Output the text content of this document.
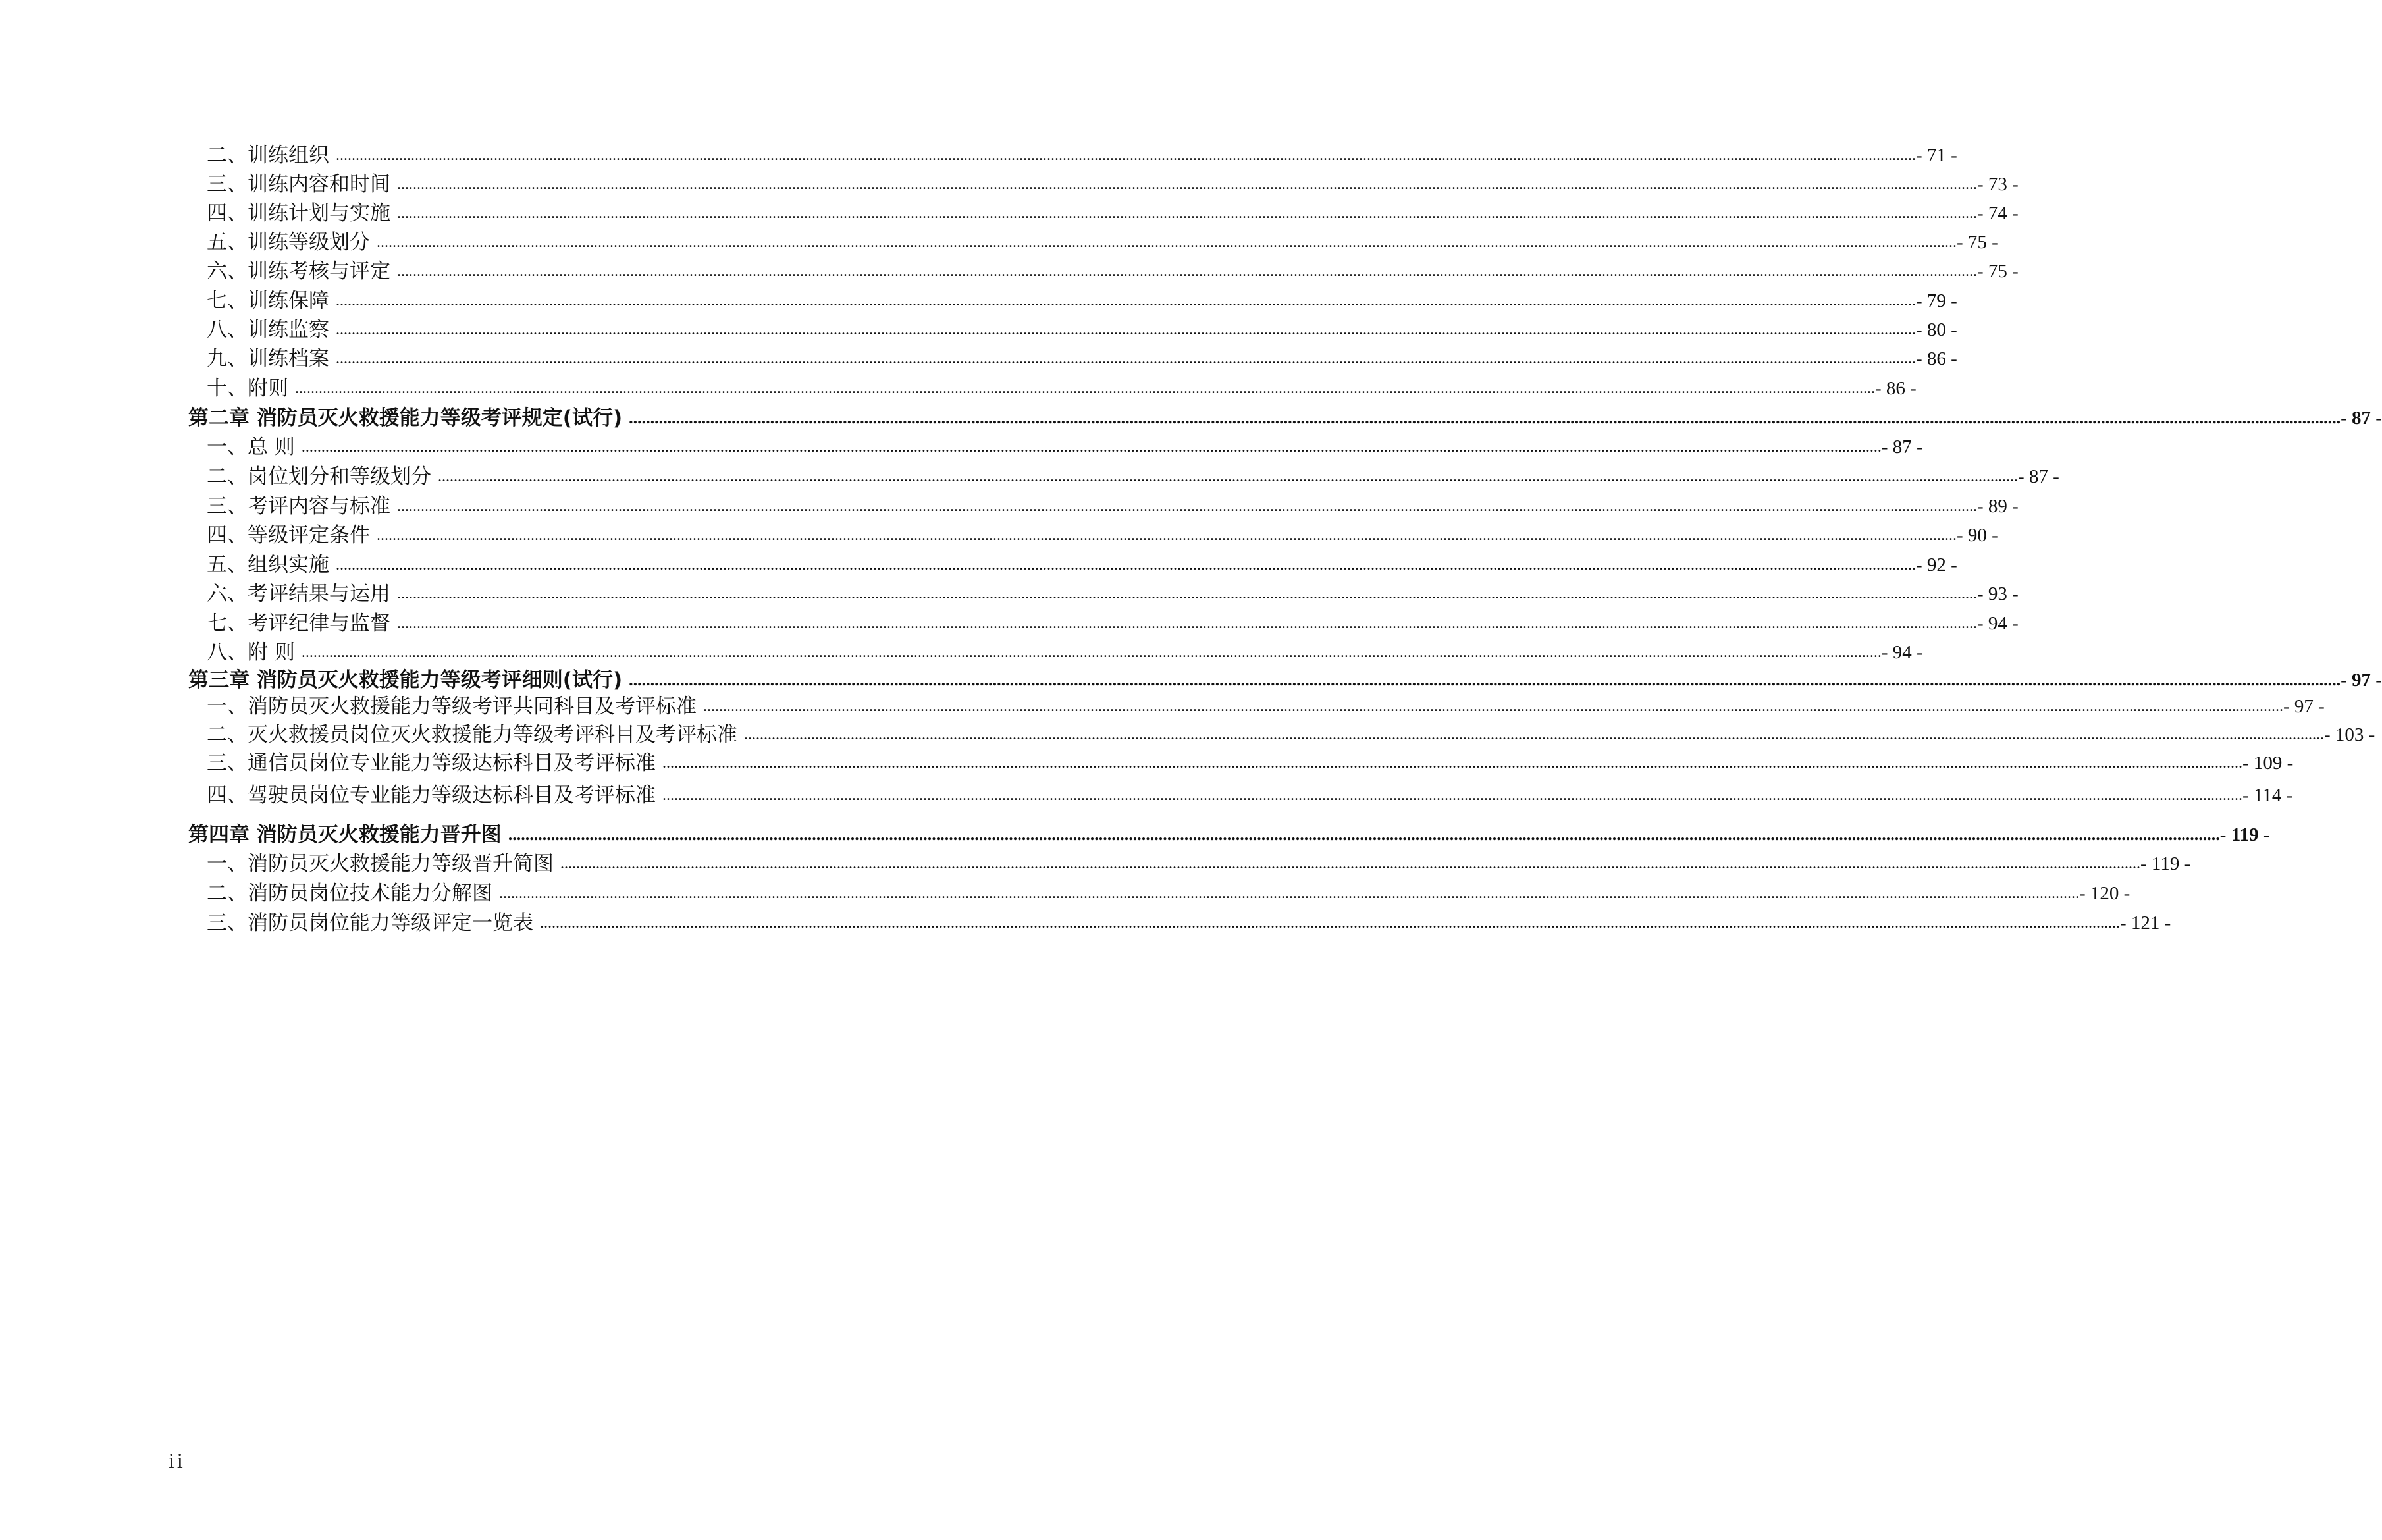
二、训练组织 ................................................................................................................................................................................................................................................................................................................................................................................................................ - 71 -
三、训练内容和时间 ................................................................................................................................................................................................................................................................................................................................................................................................................ - 73 -
四、训练计划与实施 ................................................................................................................................................................................................................................................................................................................................................................................................................ - 74 -
五、训练等级划分 ................................................................................................................................................................................................................................................................................................................................................................................................................ - 75 -
六、训练考核与评定 ................................................................................................................................................................................................................................................................................................................................................................................................................ - 75 -
七、训练保障 ................................................................................................................................................................................................................................................................................................................................................................................................................ - 79 -
八、训练监察 ................................................................................................................................................................................................................................................................................................................................................................................................................ - 80 -
九、训练档案 ................................................................................................................................................................................................................................................................................................................................................................................................................ - 86 -
十、附则 ................................................................................................................................................................................................................................................................................................................................................................................................................ - 86 -
第二章 消防员灭火救援能力等级考评规定(试行) ................................................................................................................................................................................................................................................................................................................................................................................................................ - 87 -
一、总 则 ................................................................................................................................................................................................................................................................................................................................................................................................................ - 87 -
二、岗位划分和等级划分 ................................................................................................................................................................................................................................................................................................................................................................................................................ - 87 -
三、考评内容与标准 ................................................................................................................................................................................................................................................................................................................................................................................................................ - 89 -
四、等级评定条件 ................................................................................................................................................................................................................................................................................................................................................................................................................ - 90 -
五、组织实施 ................................................................................................................................................................................................................................................................................................................................................................................................................ - 92 -
六、考评结果与运用 ................................................................................................................................................................................................................................................................................................................................................................................................................ - 93 -
七、考评纪律与监督 ................................................................................................................................................................................................................................................................................................................................................................................................................ - 94 -
八、附 则 ................................................................................................................................................................................................................................................................................................................................................................................................................ - 94 -
第三章 消防员灭火救援能力等级考评细则(试行) ................................................................................................................................................................................................................................................................................................................................................................................................................ - 97 -
一、消防员灭火救援能力等级考评共同科目及考评标准 ................................................................................................................................................................................................................................................................................................................................................................................................................ - 97 -
二、灭火救援员岗位灭火救援能力等级考评科目及考评标准 ................................................................................................................................................................................................................................................................................................................................................................................................................ - 103 -
三、通信员岗位专业能力等级达标科目及考评标准 ................................................................................................................................................................................................................................................................................................................................................................................................................ - 109 -
四、驾驶员岗位专业能力等级达标科目及考评标准 ................................................................................................................................................................................................................................................................................................................................................................................................................ - 114 -
第四章 消防员灭火救援能力晋升图 ................................................................................................................................................................................................................................................................................................................................................................................................................ - 119 -
一、消防员灭火救援能力等级晋升简图 ................................................................................................................................................................................................................................................................................................................................................................................................................ - 119 -
二、消防员岗位技术能力分解图 ................................................................................................................................................................................................................................................................................................................................................................................................................ - 120 -
三、消防员岗位能力等级评定一览表 ................................................................................................................................................................................................................................................................................................................................................................................................................ - 121 -
ii
